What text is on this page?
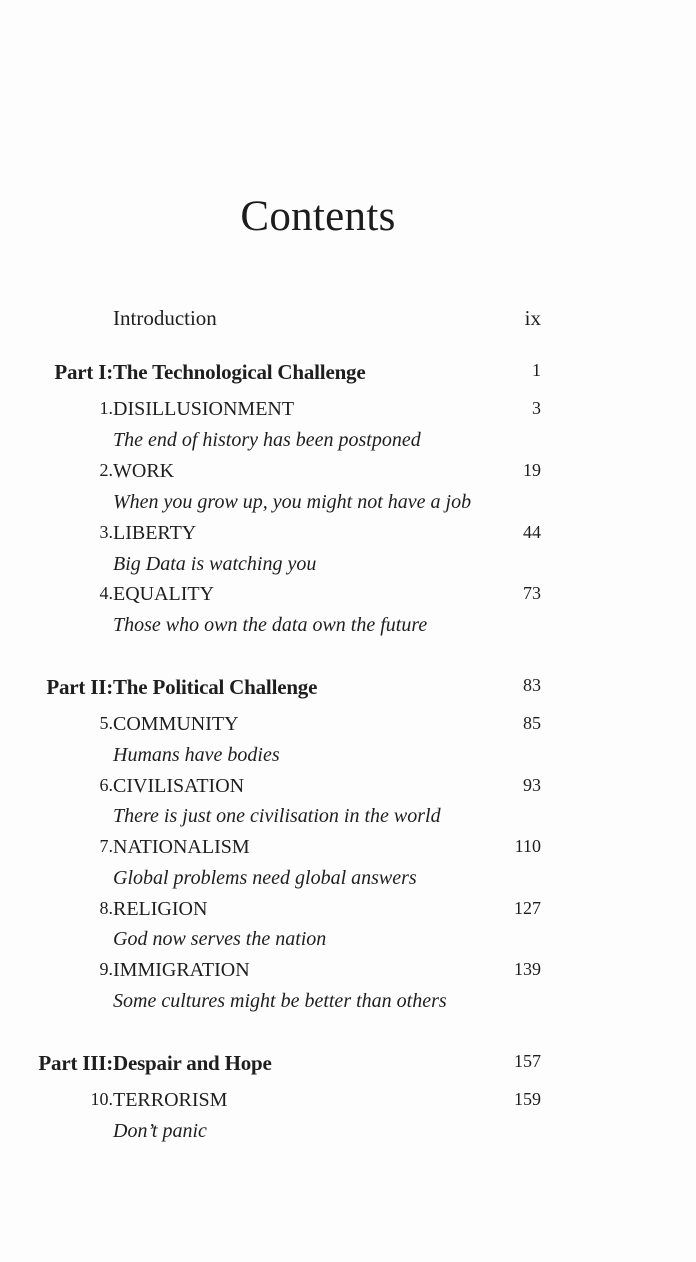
Contents
Introduction	ix
Part I: The Technological Challenge	1
1. DISILLUSIONMENT	3
The end of history has been postponed
2. WORK	19
When you grow up, you might not have a job
3. LIBERTY	44
Big Data is watching you
4. EQUALITY	73
Those who own the data own the future
Part II: The Political Challenge	83
5. COMMUNITY	85
Humans have bodies
6. CIVILISATION	93
There is just one civilisation in the world
7. NATIONALISM	110
Global problems need global answers
8. RELIGION	127
God now serves the nation
9. IMMIGRATION	139
Some cultures might be better than others
Part III: Despair and Hope	157
10. TERRORISM	159
Don’t panic
